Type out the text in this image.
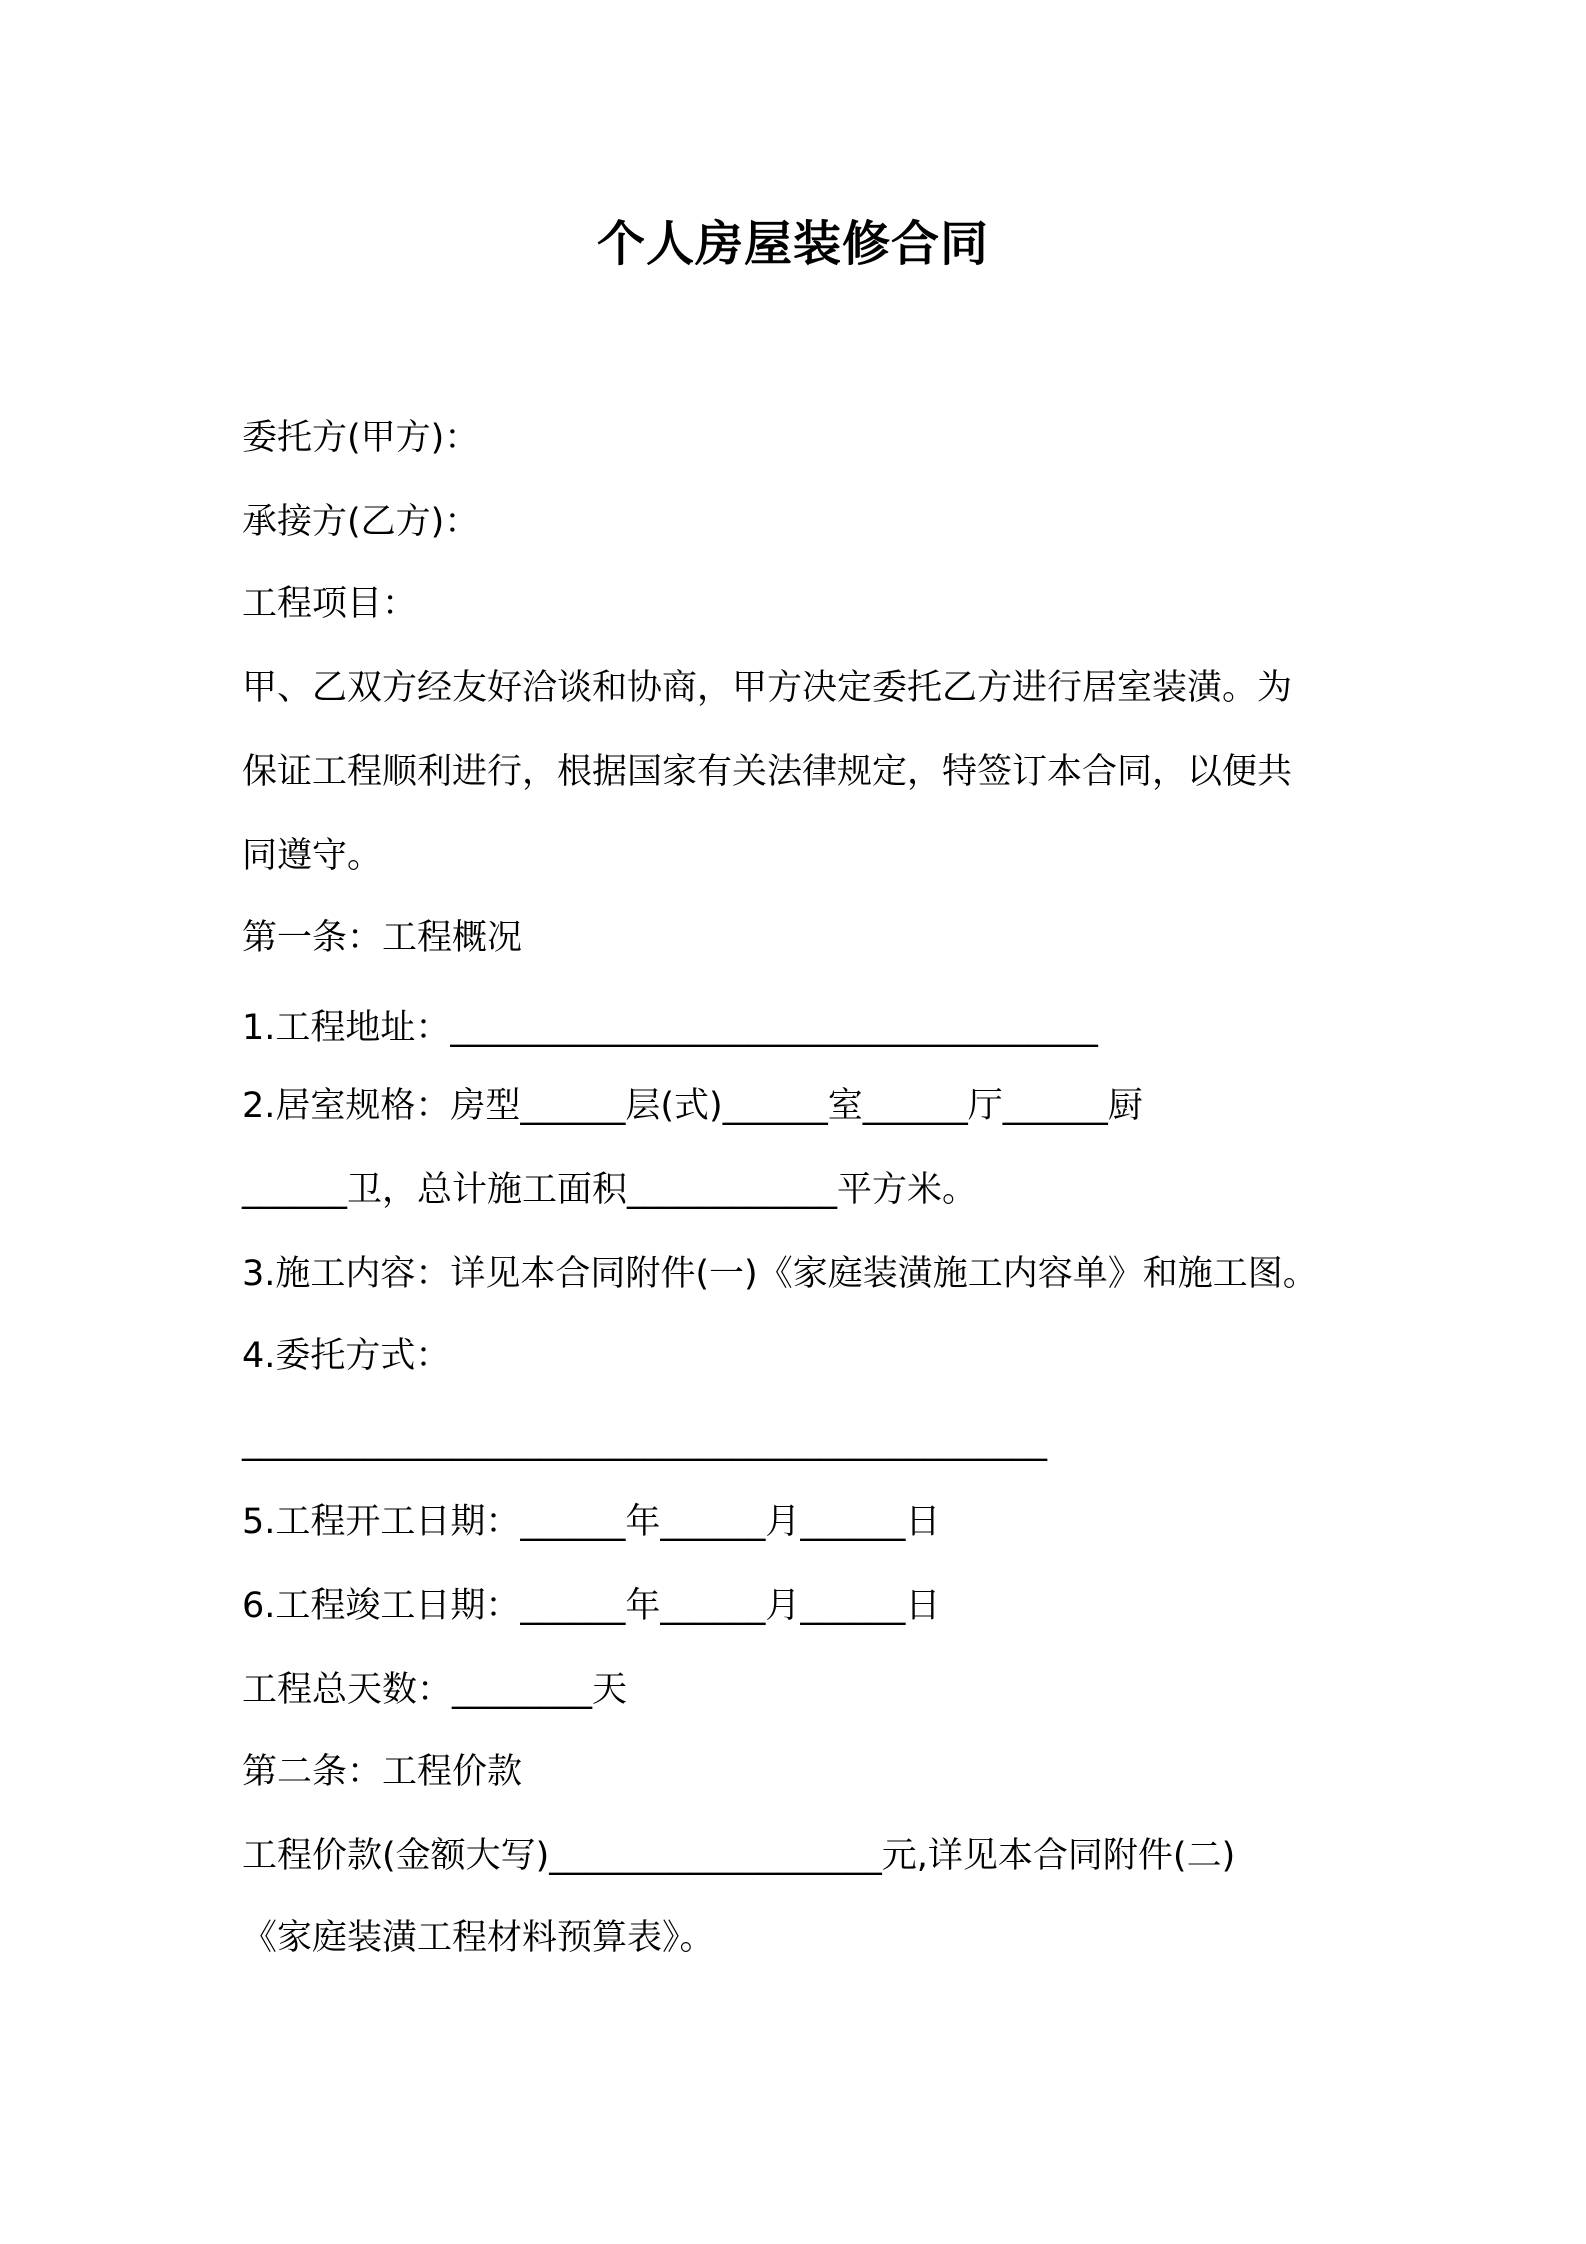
个人房屋装修合同
委托方(甲方)：
承接方(乙方)：
工程项目：
甲、乙双方经友好洽谈和协商，甲方决定委托乙方进行居室装潢。为
保证工程顺利进行，根据国家有关法律规定，特签订本合同，以便共
同遵守。
第一条：工程概况
1.工程地址：_____________________________________
2.居室规格：房型______层(式)______室______厅______厨
______卫，总计施工面积____________平方米。
3.施工内容：详见本合同附件(一)《家庭装潢施工内容单》和施工图。
4.委托方式：
______________________________________________
5.工程开工日期：______年______月______日
6.工程竣工日期：______年______月______日
工程总天数：________天
第二条：工程价款
工程价款(金额大写)___________________元,详见本合同附件(二)
《家庭装潢工程材料预算表》。
